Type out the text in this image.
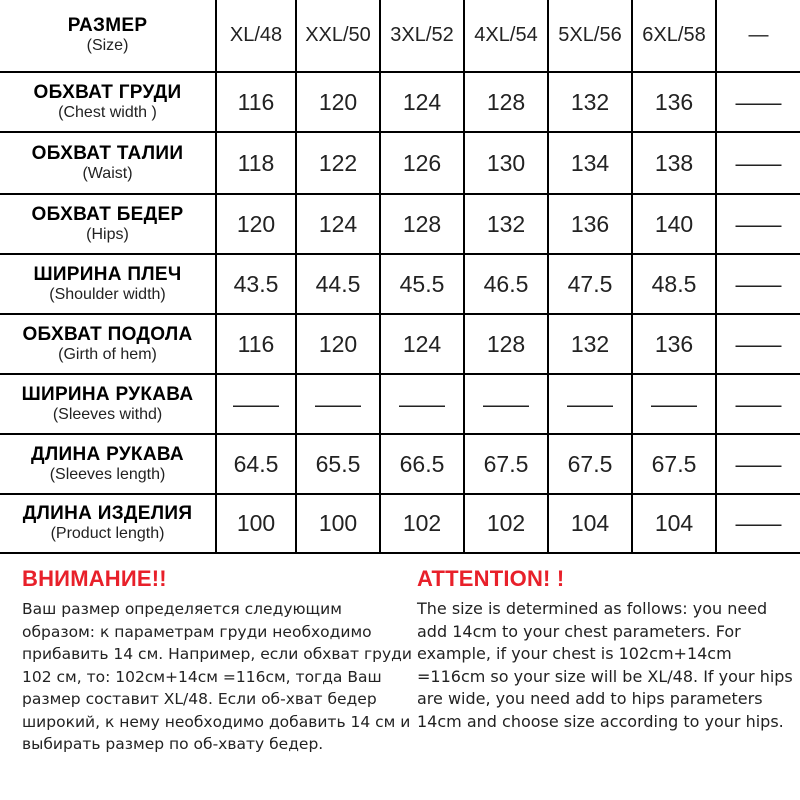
РАЗМЕР
(Size)	XL/48	XXL/50	3XL/52	4XL/54	5XL/56	6XL/58	—

ОБХВАТ ГРУДИ
(Chest width )	116	120	124	128	132	136	——

ОБХВАТ ТАЛИИ
(Waist)	118	122	126	130	134	138	——

ОБХВАТ БЕДЕР
(Hips)	120	124	128	132	136	140	——

ШИРИНА ПЛЕЧ
(Shoulder width)	43.5	44.5	45.5	46.5	47.5	48.5	——

ОБХВАТ ПОДОЛА
(Girth of hem)	116	120	124	128	132	136	——

ШИРИНА РУКАВА
(Sleeves withd)	——	——	——	——	——	——	——

ДЛИНА РУКАВА
(Sleeves length)	64.5	65.5	66.5	67.5	67.5	67.5	——

ДЛИНА ИЗДЕЛИЯ
(Product length)	100	100	102	102	104	104	——
ВНИМАНИЕ!!

Ваш размер определяется следующим образом: к параметрам груди необходимо прибавить 14 см. Например, если обхват груди 102 см, то: 102см+14см =116см, тогда Ваш размер составит XL/48. Если об-хват бедер широкий, к нему необходимо добавить 14 см и выбирать размер по об-хвату бедер.

ATTENTION! !

The size is determined as follows: you need add 14cm to your chest parameters. For example, if your chest is 102cm+14cm =116cm so your size will be XL/48. If your hips are wide, you need add to hips parameters 14cm and choose size according to your hips.
